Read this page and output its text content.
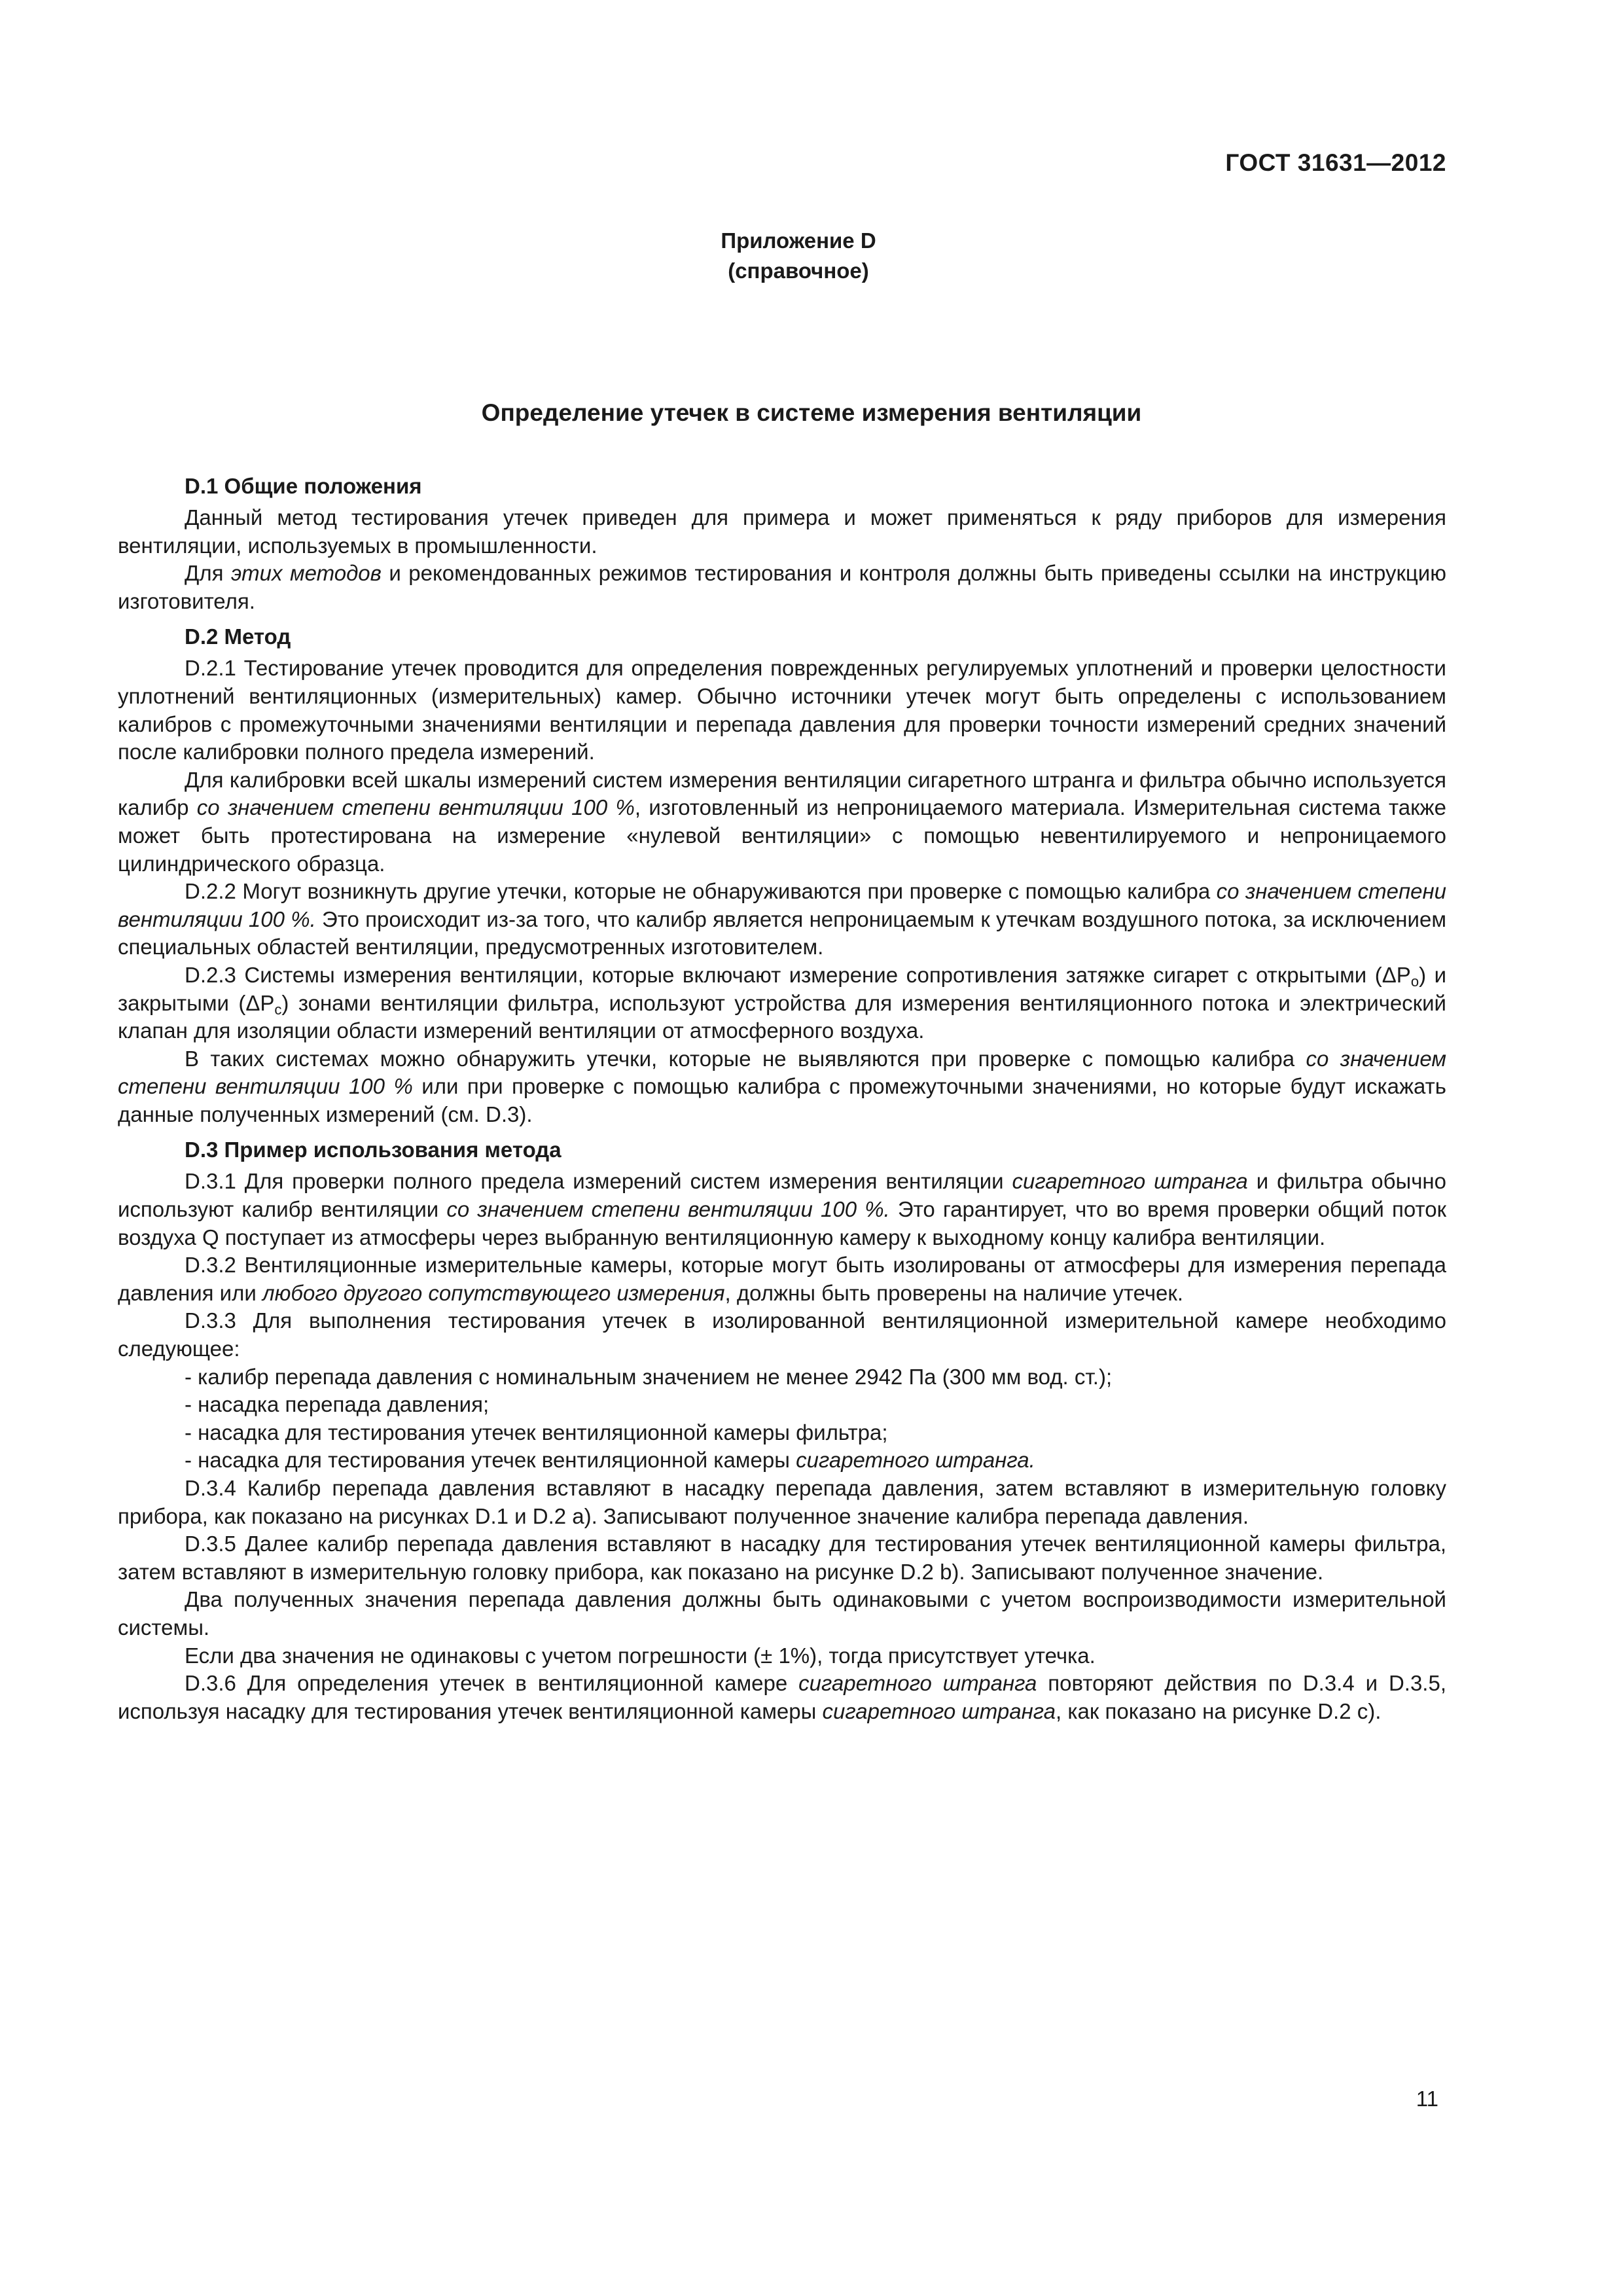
ГОСТ 31631—2012
Приложение D
(справочное)
Определение утечек в системе измерения вентиляции
D.1 Общие положения

Данный метод тестирования утечек приведен для примера и может применяться к ряду приборов для измерения вентиляции, используемых в промышленности.

Для этих методов и рекомендованных режимов тестирования и контроля должны быть приведены ссылки на инструкцию изготовителя.

D.2 Метод

D.2.1 Тестирование утечек проводится для определения поврежденных регулируемых уплотнений и проверки целостности уплотнений вентиляционных (измерительных) камер. Обычно источники утечек могут быть определены с использованием калибров с промежуточными значениями вентиляции и перепада давления для проверки точности измерений средних значений после калибровки полного предела измерений.

Для калибровки всей шкалы измерений систем измерения вентиляции сигаретного штранга и фильтра обычно используется калибр со значением степени вентиляции 100 %, изготовленный из непроницаемого материала. Измерительная система также может быть протестирована на измерение «нулевой вентиляции» с помощью невентилируемого и непроницаемого цилиндрического образца.

D.2.2 Могут возникнуть другие утечки, которые не обнаруживаются при проверке с помощью калибра со значением степени вентиляции 100 %. Это происходит из-за того, что калибр является непроницаемым к утечкам воздушного потока, за исключением специальных областей вентиляции, предусмотренных изготовителем.

D.2.3 Системы измерения вентиляции, которые включают измерение сопротивления затяжке сигарет с открытыми $(\Delta P_o)$ и закрытыми $(\Delta P_c)$ зонами вентиляции фильтра, используют устройства для измерения вентиляционного потока и электрический клапан для изоляции области измерений вентиляции от атмосферного воздуха.

В таких системах можно обнаружить утечки, которые не выявляются при проверке с помощью калибра со значением степени вентиляции 100 % или при проверке с помощью калибра с промежуточными значениями, но которые будут искажать данные полученных измерений (см. D.3).

D.3 Пример использования метода

D.3.1 Для проверки полного предела измерений систем измерения вентиляции сигаретного штранга и фильтра обычно используют калибр вентиляции со значением степени вентиляции 100 %. Это гарантирует, что во время проверки общий поток воздуха Q поступает из атмосферы через выбранную вентиляционную камеру к выходному концу калибра вентиляции.

D.3.2 Вентиляционные измерительные камеры, которые могут быть изолированы от атмосферы для измерения перепада давления или любого другого сопутствующего измерения, должны быть проверены на наличие утечек.

D.3.3 Для выполнения тестирования утечек в изолированной вентиляционной измерительной камере необходимо следующее:

- калибр перепада давления с номинальным значением не менее 2942 Па (300 мм вод. ст.);

- насадка перепада давления;

- насадка для тестирования утечек вентиляционной камеры фильтра;

- насадка для тестирования утечек вентиляционной камеры сигаретного штранга.

D.3.4 Калибр перепада давления вставляют в насадку перепада давления, затем вставляют в измерительную головку прибора, как показано на рисунках D.1 и D.2 a). Записывают полученное значение калибра перепада давления.

D.3.5 Далее калибр перепада давления вставляют в насадку для тестирования утечек вентиляционной камеры фильтра, затем вставляют в измерительную головку прибора, как показано на рисунке D.2 b). Записывают полученное значение.

Два полученных значения перепада давления должны быть одинаковыми с учетом воспроизводимости измерительной системы.

Если два значения не одинаковы с учетом погрешности (± 1%), тогда присутствует утечка.

D.3.6 Для определения утечек в вентиляционной камере сигаретного штранга повторяют действия по D.3.4 и D.3.5, используя насадку для тестирования утечек вентиляционной камеры сигаретного штранга, как показано на рисунке D.2 c).

11
